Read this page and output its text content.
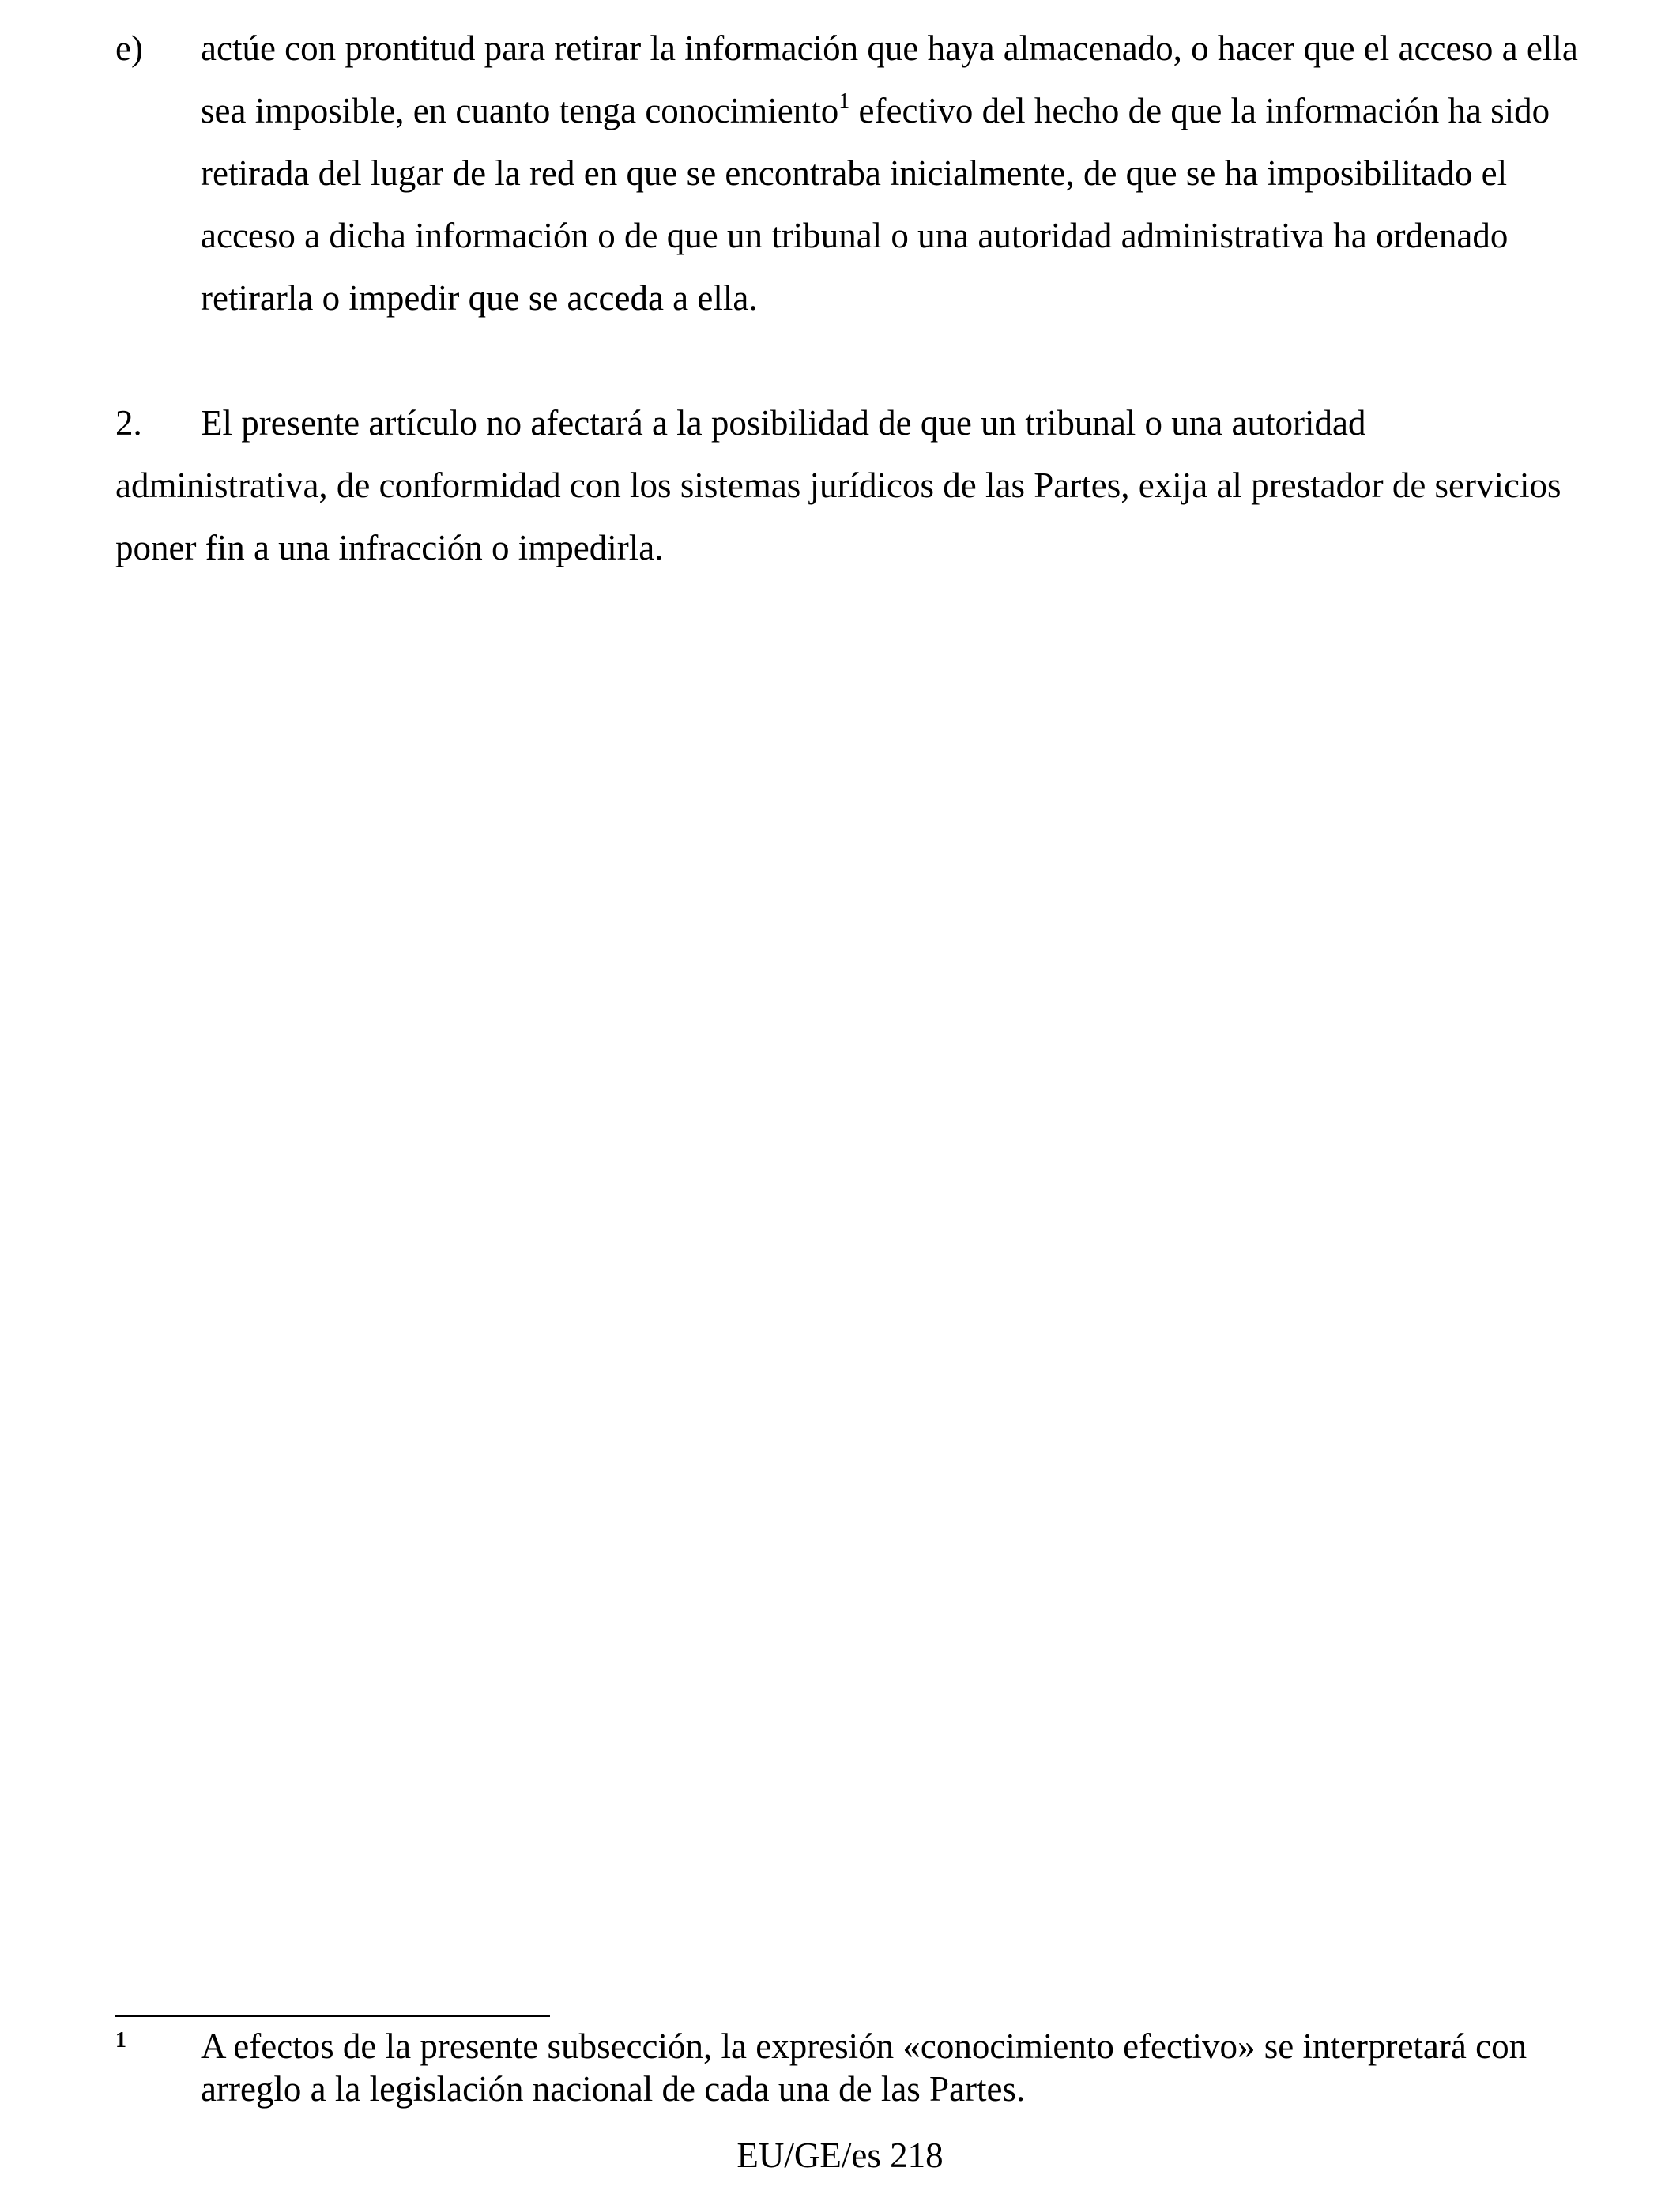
e) actúe con prontitud para retirar la información que haya almacenado, o hacer que el acceso a ella sea imposible, en cuanto tenga conocimiento$^1$ efectivo del hecho de que la información ha sido retirada del lugar de la red en que se encontraba inicialmente, de que se ha imposibilitado el acceso a dicha información o de que un tribunal o una autoridad administrativa ha ordenado retirarla o impedir que se acceda a ella.
2. El presente artículo no afectará a la posibilidad de que un tribunal o una autoridad administrativa, de conformidad con los sistemas jurídicos de las Partes, exija al prestador de servicios poner fin a una infracción o impedirla.
1 A efectos de la presente subsección, la expresión «conocimiento efectivo» se interpretará con arreglo a la legislación nacional de cada una de las Partes.
EU/GE/es 218
